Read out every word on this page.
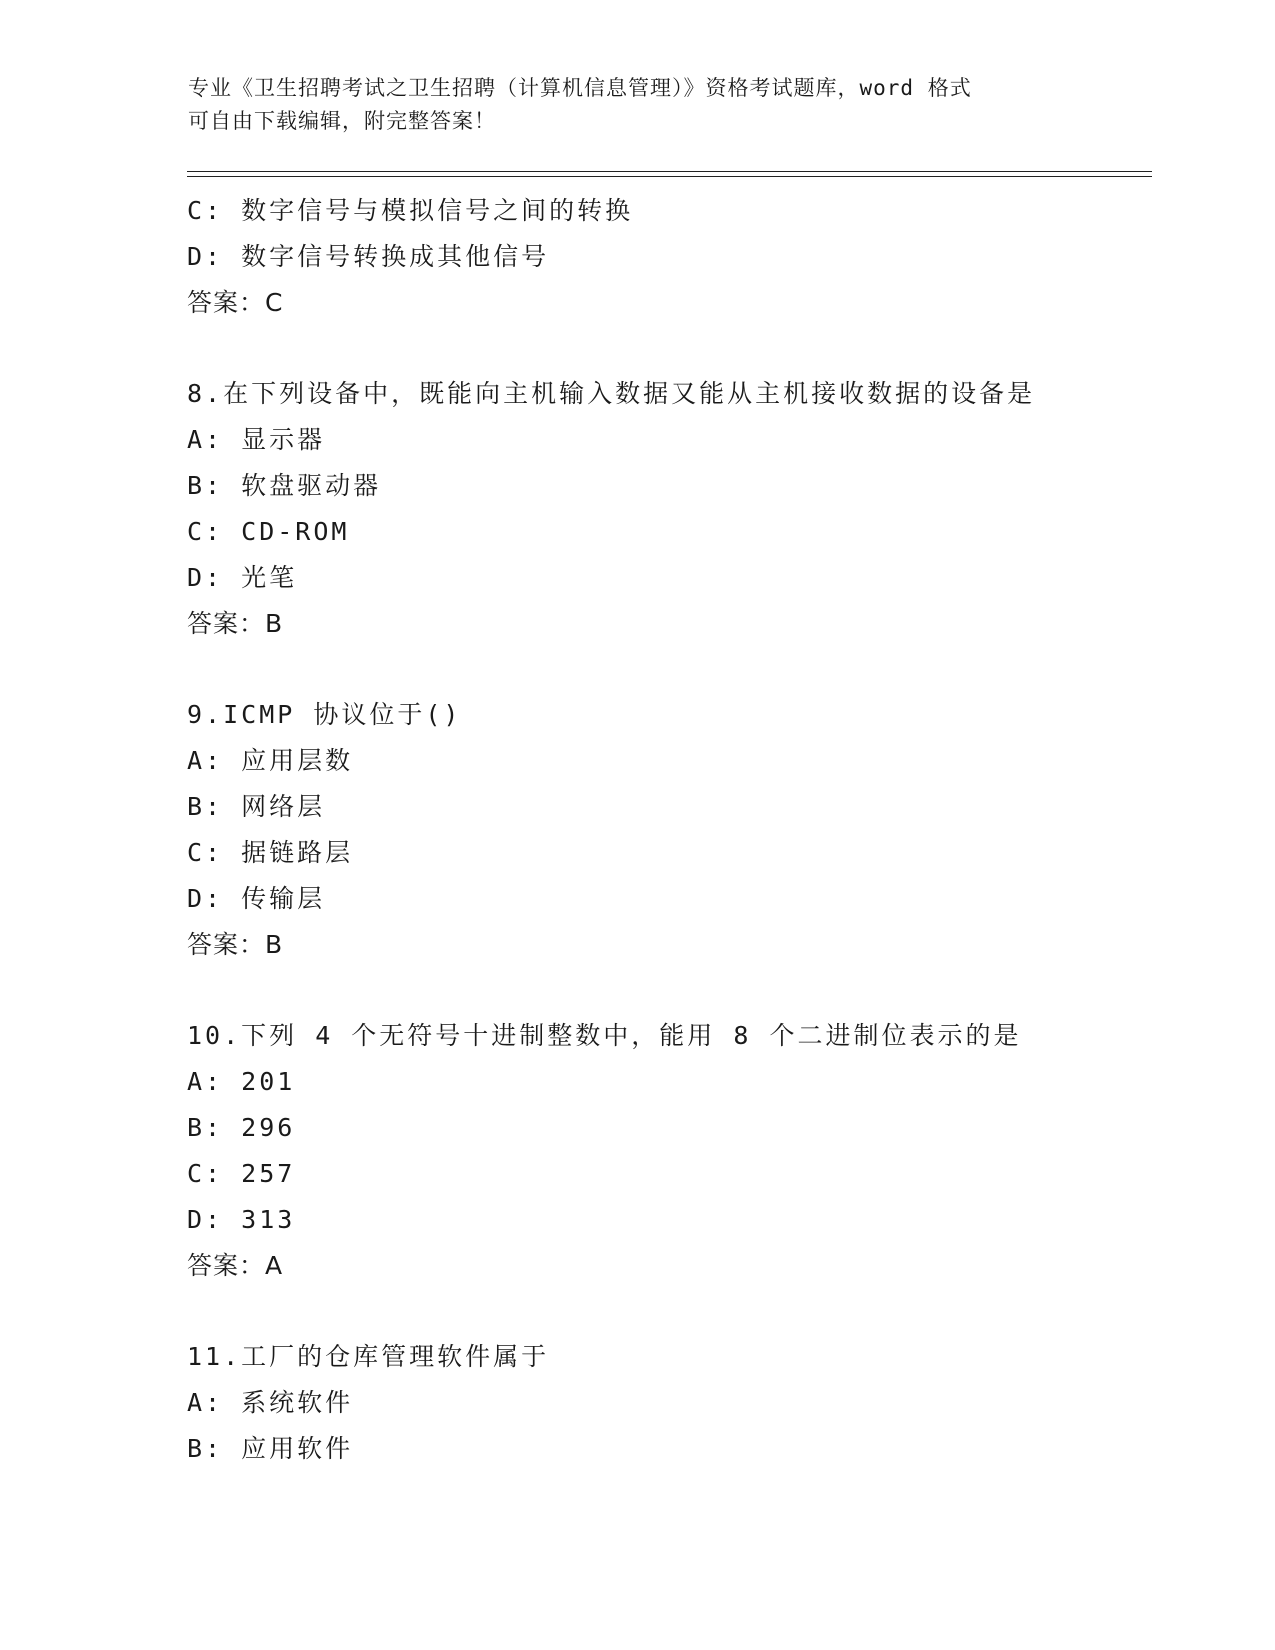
专业《卫生招聘考试之卫生招聘（计算机信息管理）》资格考试题库，word 格式
可自由下载编辑，附完整答案！
C: 数字信号与模拟信号之间的转换
D: 数字信号转换成其他信号
答案：C
8.在下列设备中，既能向主机输入数据又能从主机接收数据的设备是
A: 显示器
B: 软盘驱动器
C: CD-ROM
D: 光笔
答案：B
9.ICMP 协议位于()
A: 应用层数
B: 网络层
C: 据链路层
D: 传输层
答案：B
10.下列 4 个无符号十进制整数中，能用 8 个二进制位表示的是
A: 201
B: 296
C: 257
D: 313
答案：A
11.工厂的仓库管理软件属于
A: 系统软件
B: 应用软件
